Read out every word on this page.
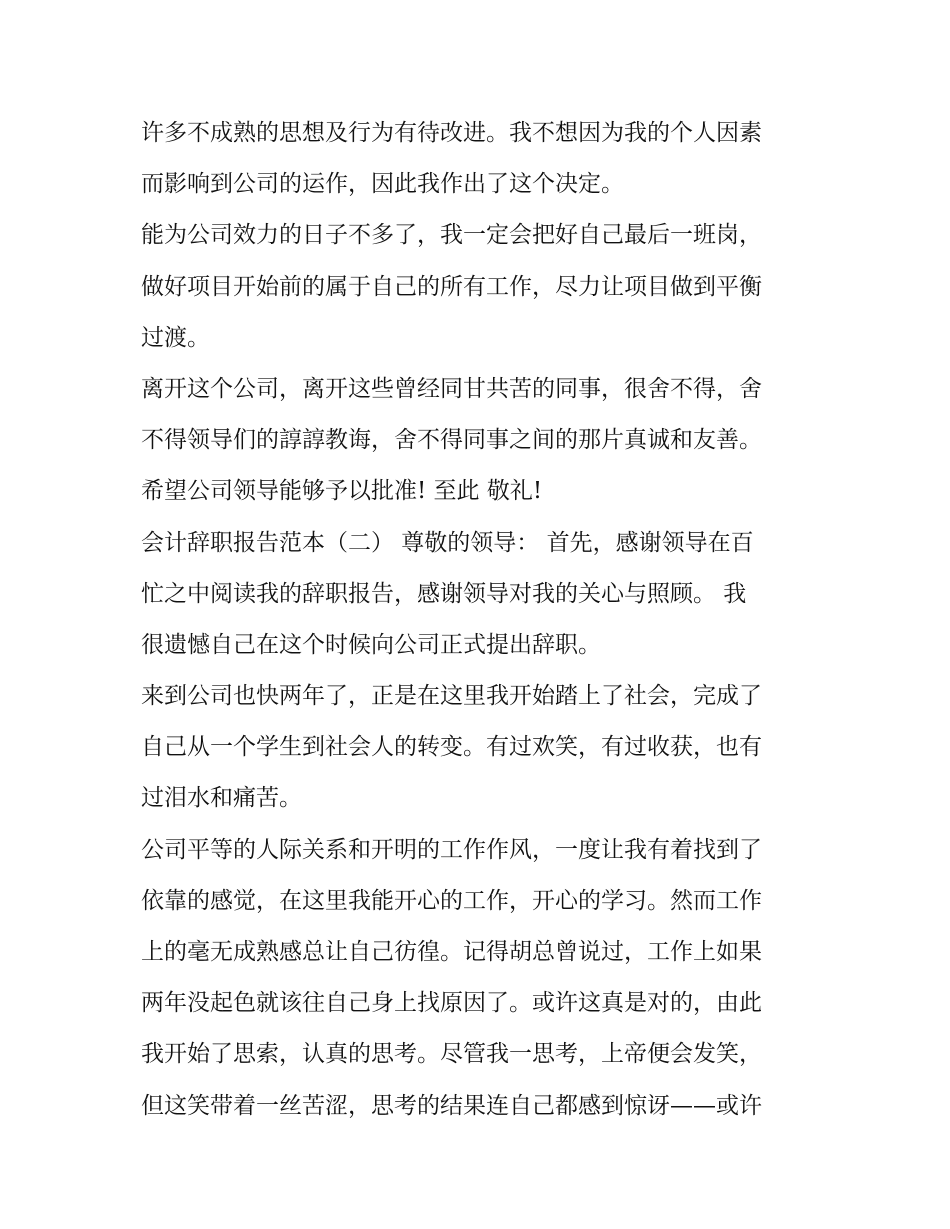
许多不成熟的思想及行为有待改进。我不想因为我的个人因素
而影响到公司的运作，因此我作出了这个决定。
能为公司效力的日子不多了，我一定会把好自己最后一班岗，
做好项目开始前的属于自己的所有工作，尽力让项目做到平衡
过渡。
离开这个公司，离开这些曾经同甘共苦的同事，很舍不得，舍
不得领导们的諄諄教诲，舍不得同事之间的那片真诚和友善。
希望公司领导能够予以批准! 至此 敬礼!
会计辞职报告范本（二） 尊敬的领导： 首先，感谢领导在百
忙之中阅读我的辞职报告，感谢领导对我的关心与照顾。 我
很遗憾自己在这个时候向公司正式提出辞职。
来到公司也快两年了，正是在这里我开始踏上了社会，完成了
自己从一个学生到社会人的转变。有过欢笑，有过收获，也有
过泪水和痛苦。
公司平等的人际关系和开明的工作作风，一度让我有着找到了
依靠的感觉，在这里我能开心的工作，开心的学习。然而工作
上的毫无成熟感总让自己彷徨。记得胡总曾说过，工作上如果
两年没起色就该往自己身上找原因了。或许这真是对的，由此
我开始了思索，认真的思考。尽管我一思考，上帝便会发笑，
但这笑带着一丝苦涩，思考的结果连自己都感到惊讶——或许
